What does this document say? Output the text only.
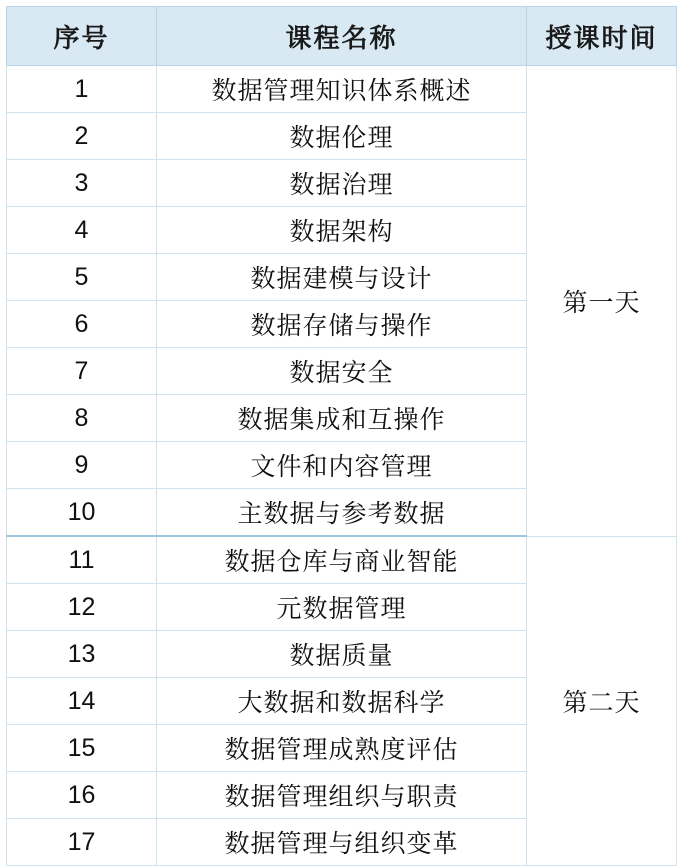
序号	课程名称	授课时间
1	数据管理知识体系概述	第一天
2	数据伦理	
3	数据治理	
4	数据架构	
5	数据建模与设计	
6	数据存储与操作	
7	数据安全	
8	数据集成和互操作	
9	文件和内容管理	
10	主数据与参考数据	
11	数据仓库与商业智能	第二天
12	元数据管理	
13	数据质量	
14	大数据和数据科学	
15	数据管理成熟度评估	
16	数据管理组织与职责	
17	数据管理与组织变革	
